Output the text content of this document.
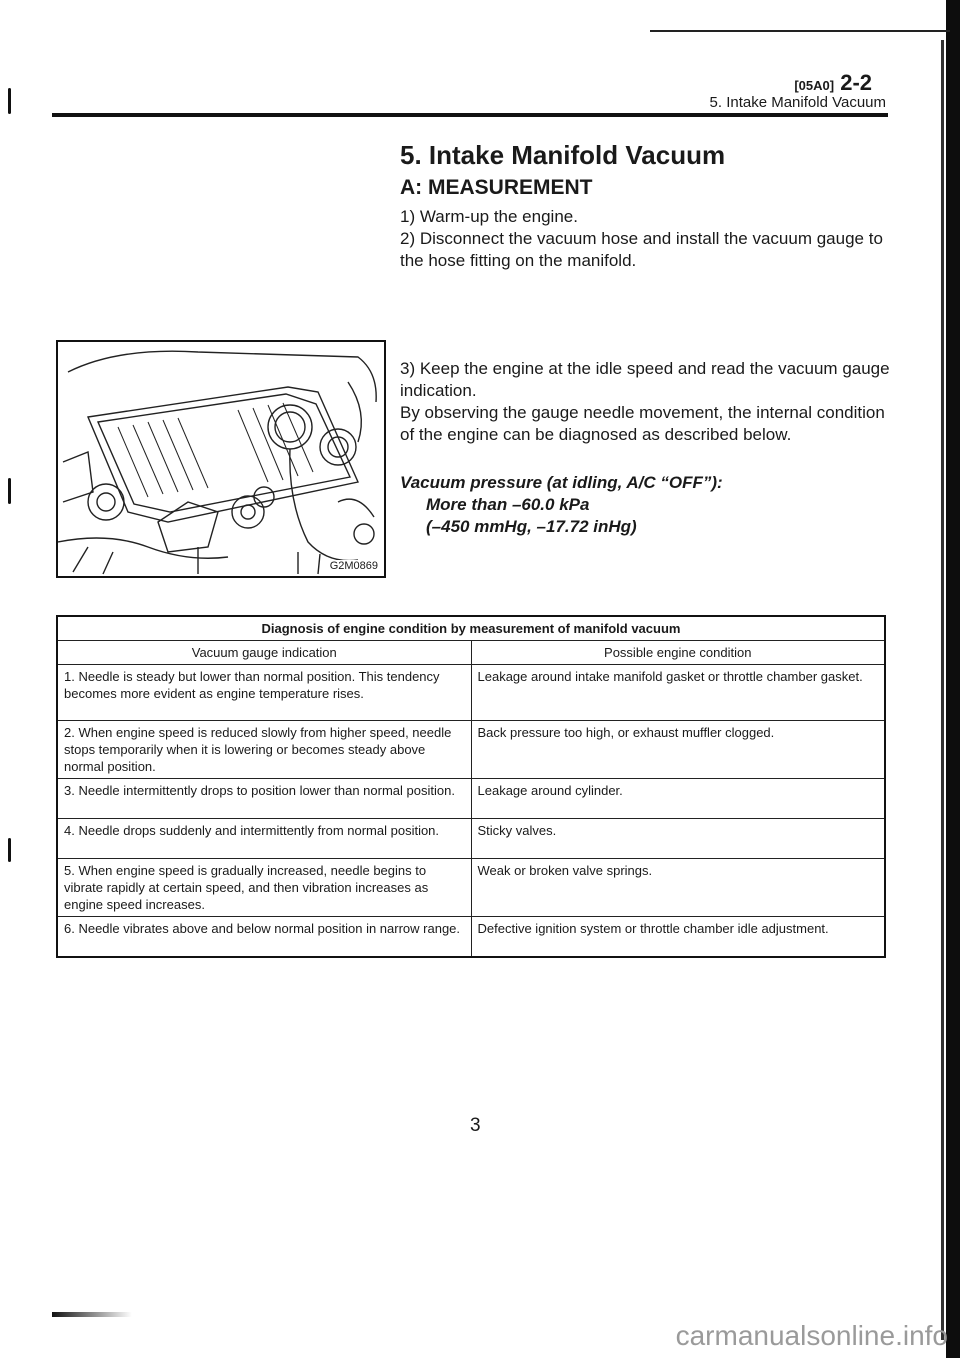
[05A0] 2-2
5. Intake Manifold Vacuum
5. Intake Manifold Vacuum
A: MEASUREMENT

1) Warm-up the engine.

2) Disconnect the vacuum hose and install the vacuum gauge to the hose fitting on the manifold.

3) Keep the engine at the idle speed and read the vacuum gauge indication.

By observing the gauge needle movement, the internal condition of the engine can be diagnosed as described below.

Vacuum pressure (at idling, A/C “OFF”):
More than –60.0 kPa
(–450 mmHg, –17.72 inHg)
G2M0869
Diagnosis of engine condition by measurement of manifold vacuum	
Vacuum gauge indication	Possible engine condition
1. Needle is steady but lower than normal position. This tendency becomes more evident as engine temperature rises.	Leakage around intake manifold gasket or throttle chamber gasket.
2. When engine speed is reduced slowly from higher speed, needle stops temporarily when it is lowering or becomes steady above normal position.	Back pressure too high, or exhaust muffler clogged.
3. Needle intermittently drops to position lower than normal position.	Leakage around cylinder.
4. Needle drops suddenly and intermittently from normal position.	Sticky valves.
5. When engine speed is gradually increased, needle begins to vibrate rapidly at certain speed, and then vibration increases as engine speed increases.	Weak or broken valve springs.
6. Needle vibrates above and below normal position in narrow range.	Defective ignition system or throttle chamber idle adjustment.
3
carmanualsonline.info
